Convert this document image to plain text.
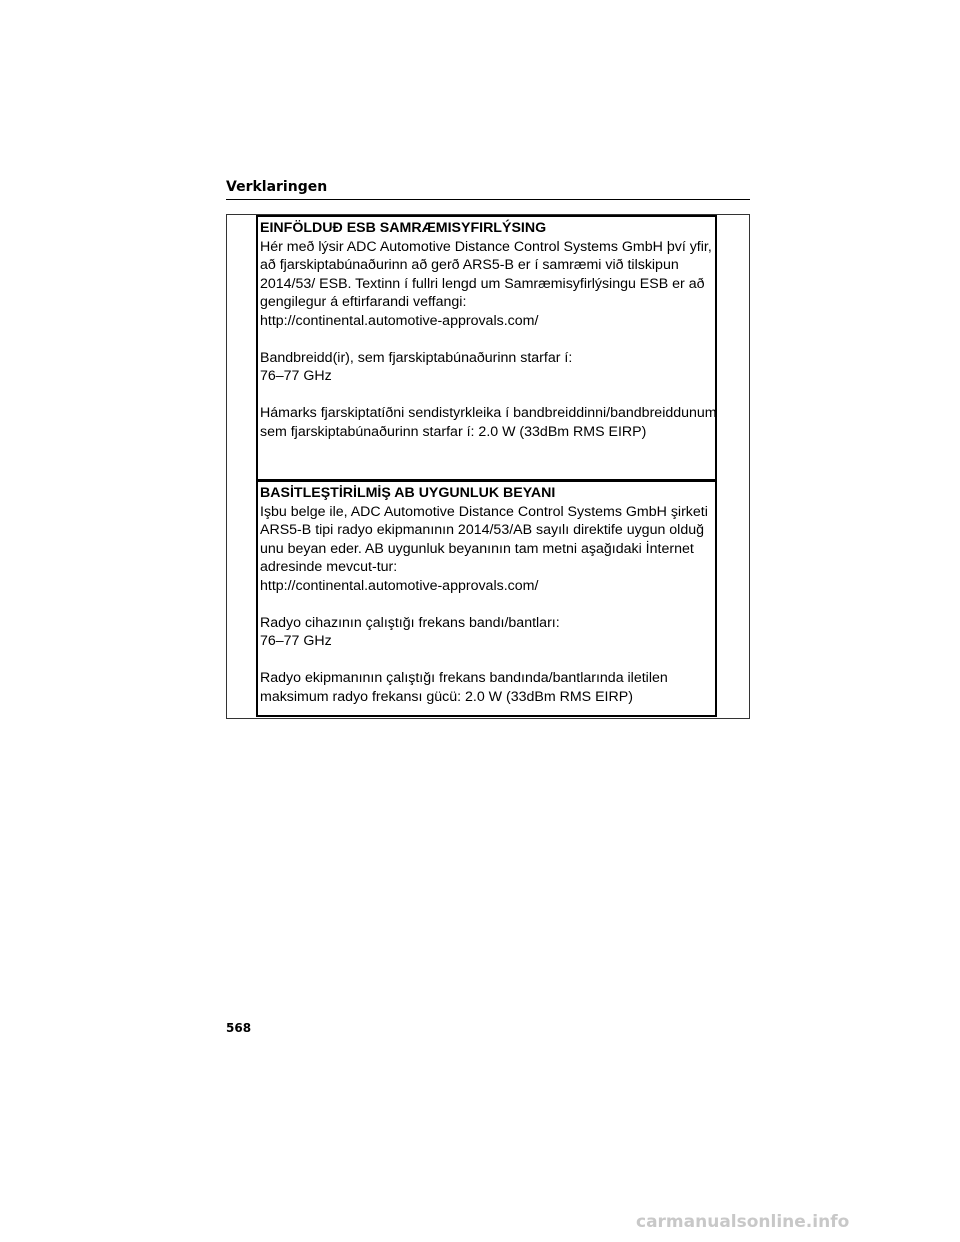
Verklaringen

EINFÖLDUÐ ESB SAMRÆMISYFIRLÝSING

Hér með lýsir ADC Automotive Distance Control Systems GmbH því yfir,

að fjarskiptabúnaðurinn að gerð ARS5-B er í samræmi við tilskipun

2014/53/ ESB. Textinn í fullri lengd um Samræmisyfirlýsingu ESB er að

gengilegur á eftirfarandi veffangi:

http://continental.automotive-approvals.com/

Bandbreidd(ir), sem fjarskiptabúnaðurinn starfar í:

76–77 GHz

Hámarks fjarskiptatíðni sendistyrkleika í bandbreiddinni/bandbreiddunum

sem fjarskiptabúnaðurinn starfar í: 2.0 W (33dBm RMS EIRP)

BASİTLEŞTİRİLMİŞ AB UYGUNLUK BEYANI

Işbu belge ile, ADC Automotive Distance Control Systems GmbH şirketi

ARS5-B tipi radyo ekipmanının 2014/53/AB sayılı direktife uygun olduğ

unu beyan eder. AB uygunluk beyanının tam metni aşağıdaki İnternet

adresinde mevcut-tur:

http://continental.automotive-approvals.com/

Radyo cihazının çalıştığı frekans bandı/bantları:

76–77 GHz

Radyo ekipmanının çalıştığı frekans bandında/bantlarında iletilen

maksimum radyo frekansı gücü: 2.0 W (33dBm RMS EIRP)

568
carmanualsonline.info
